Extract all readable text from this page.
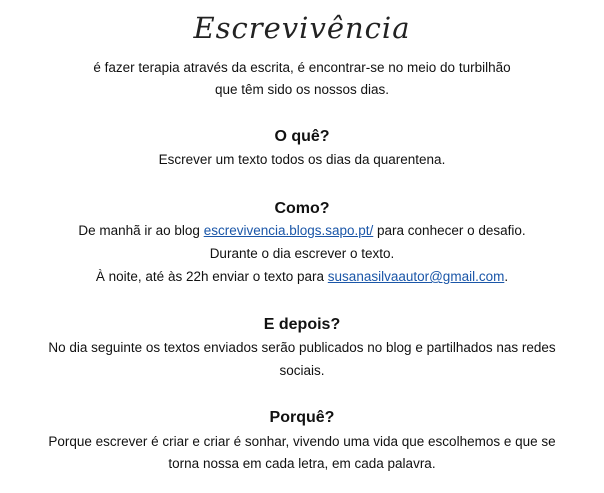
Escrevivência
é fazer terapia através da escrita, é encontrar-se no meio do turbilhão
que têm sido os nossos dias.
O quê?
Escrever um texto todos os dias da quarentena.
Como?
De manhã ir ao blog escrevivencia.blogs.sapo.pt/ para conhecer o desafio.
Durante o dia escrever o texto.
À noite, até às 22h enviar o texto para susanasilvaautor@gmail.com.
E depois?
No dia seguinte os textos enviados serão publicados no blog e partilhados nas redes
sociais.
Porquê?
Porque escrever é criar e criar é sonhar, vivendo uma vida que escolhemos e que se
torna nossa em cada letra, em cada palavra.
